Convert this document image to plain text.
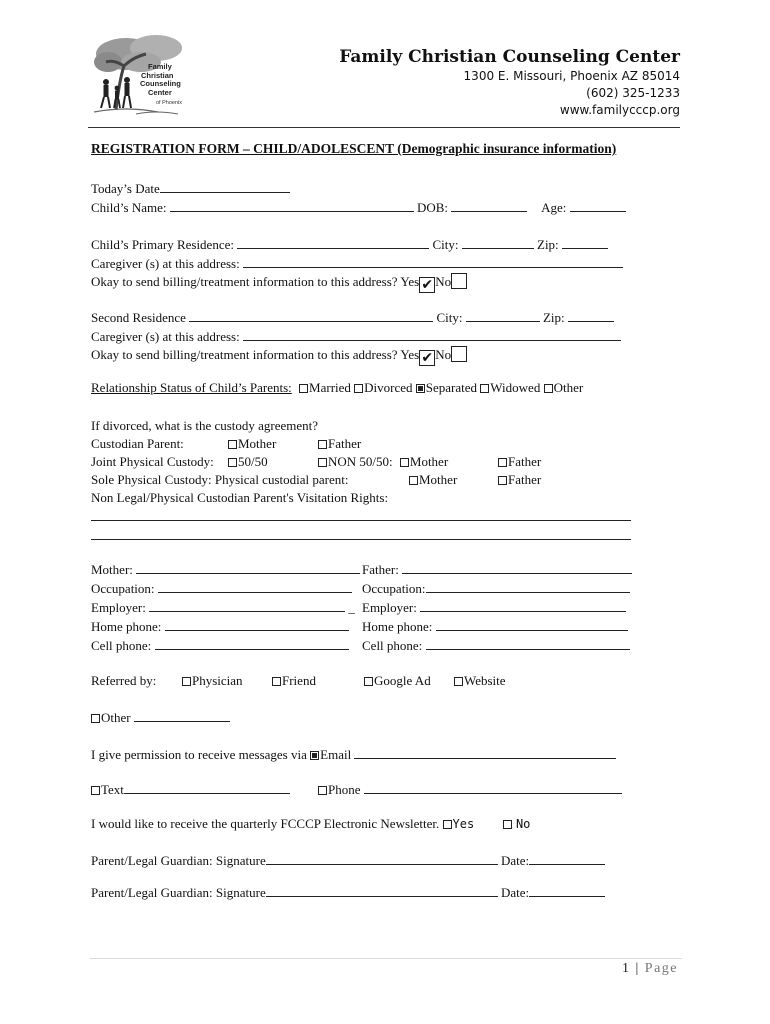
Family
Christian
Counseling
Center
of Phoenix
Family Christian Counseling Center
1300 E. Missouri, Phoenix AZ 85014
(602) 325-1233
www.familycccp.org
REGISTRATION FORM – CHILD/ADOLESCENT (Demographic insurance information)
Today’s Date
Child’s Name:	DOB:	Age:
Child’s Primary Residence:	City:	Zip:
Caregiver (s) at this address:
Okay to send billing/treatment information to this address? Yes ✔ No
Second Residence	City:	Zip:
Caregiver (s) at this address:
Okay to send billing/treatment information to this address? Yes ✔ No
Relationship Status of Child’s Parents: Married Divorced Separated Widowed Other
If divorced, what is the custody agreement?
Custodian Parent:	Mother	Father
Joint Physical Custody:	50/50	NON 50/50: Mother	Father
Sole Physical Custody: Physical custodial parent:	Mother	Father
Non Legal/Physical Custodian Parent's Visitation Rights:
Mother:	Father:
Occupation:	Occupation:
Employer:	_ Employer:
Home phone:	Home phone:
Cell phone:	Cell phone:
Referred by:	Physician	Friend	Google Ad	Website
Other
I give permission to receive messages via Email
Text	Phone
I would like to receive the quarterly FCCCP Electronic Newsletter. Yes	No
Parent/Legal Guardian: Signature	Date:
Parent/Legal Guardian: Signature	Date:
1 | Page
